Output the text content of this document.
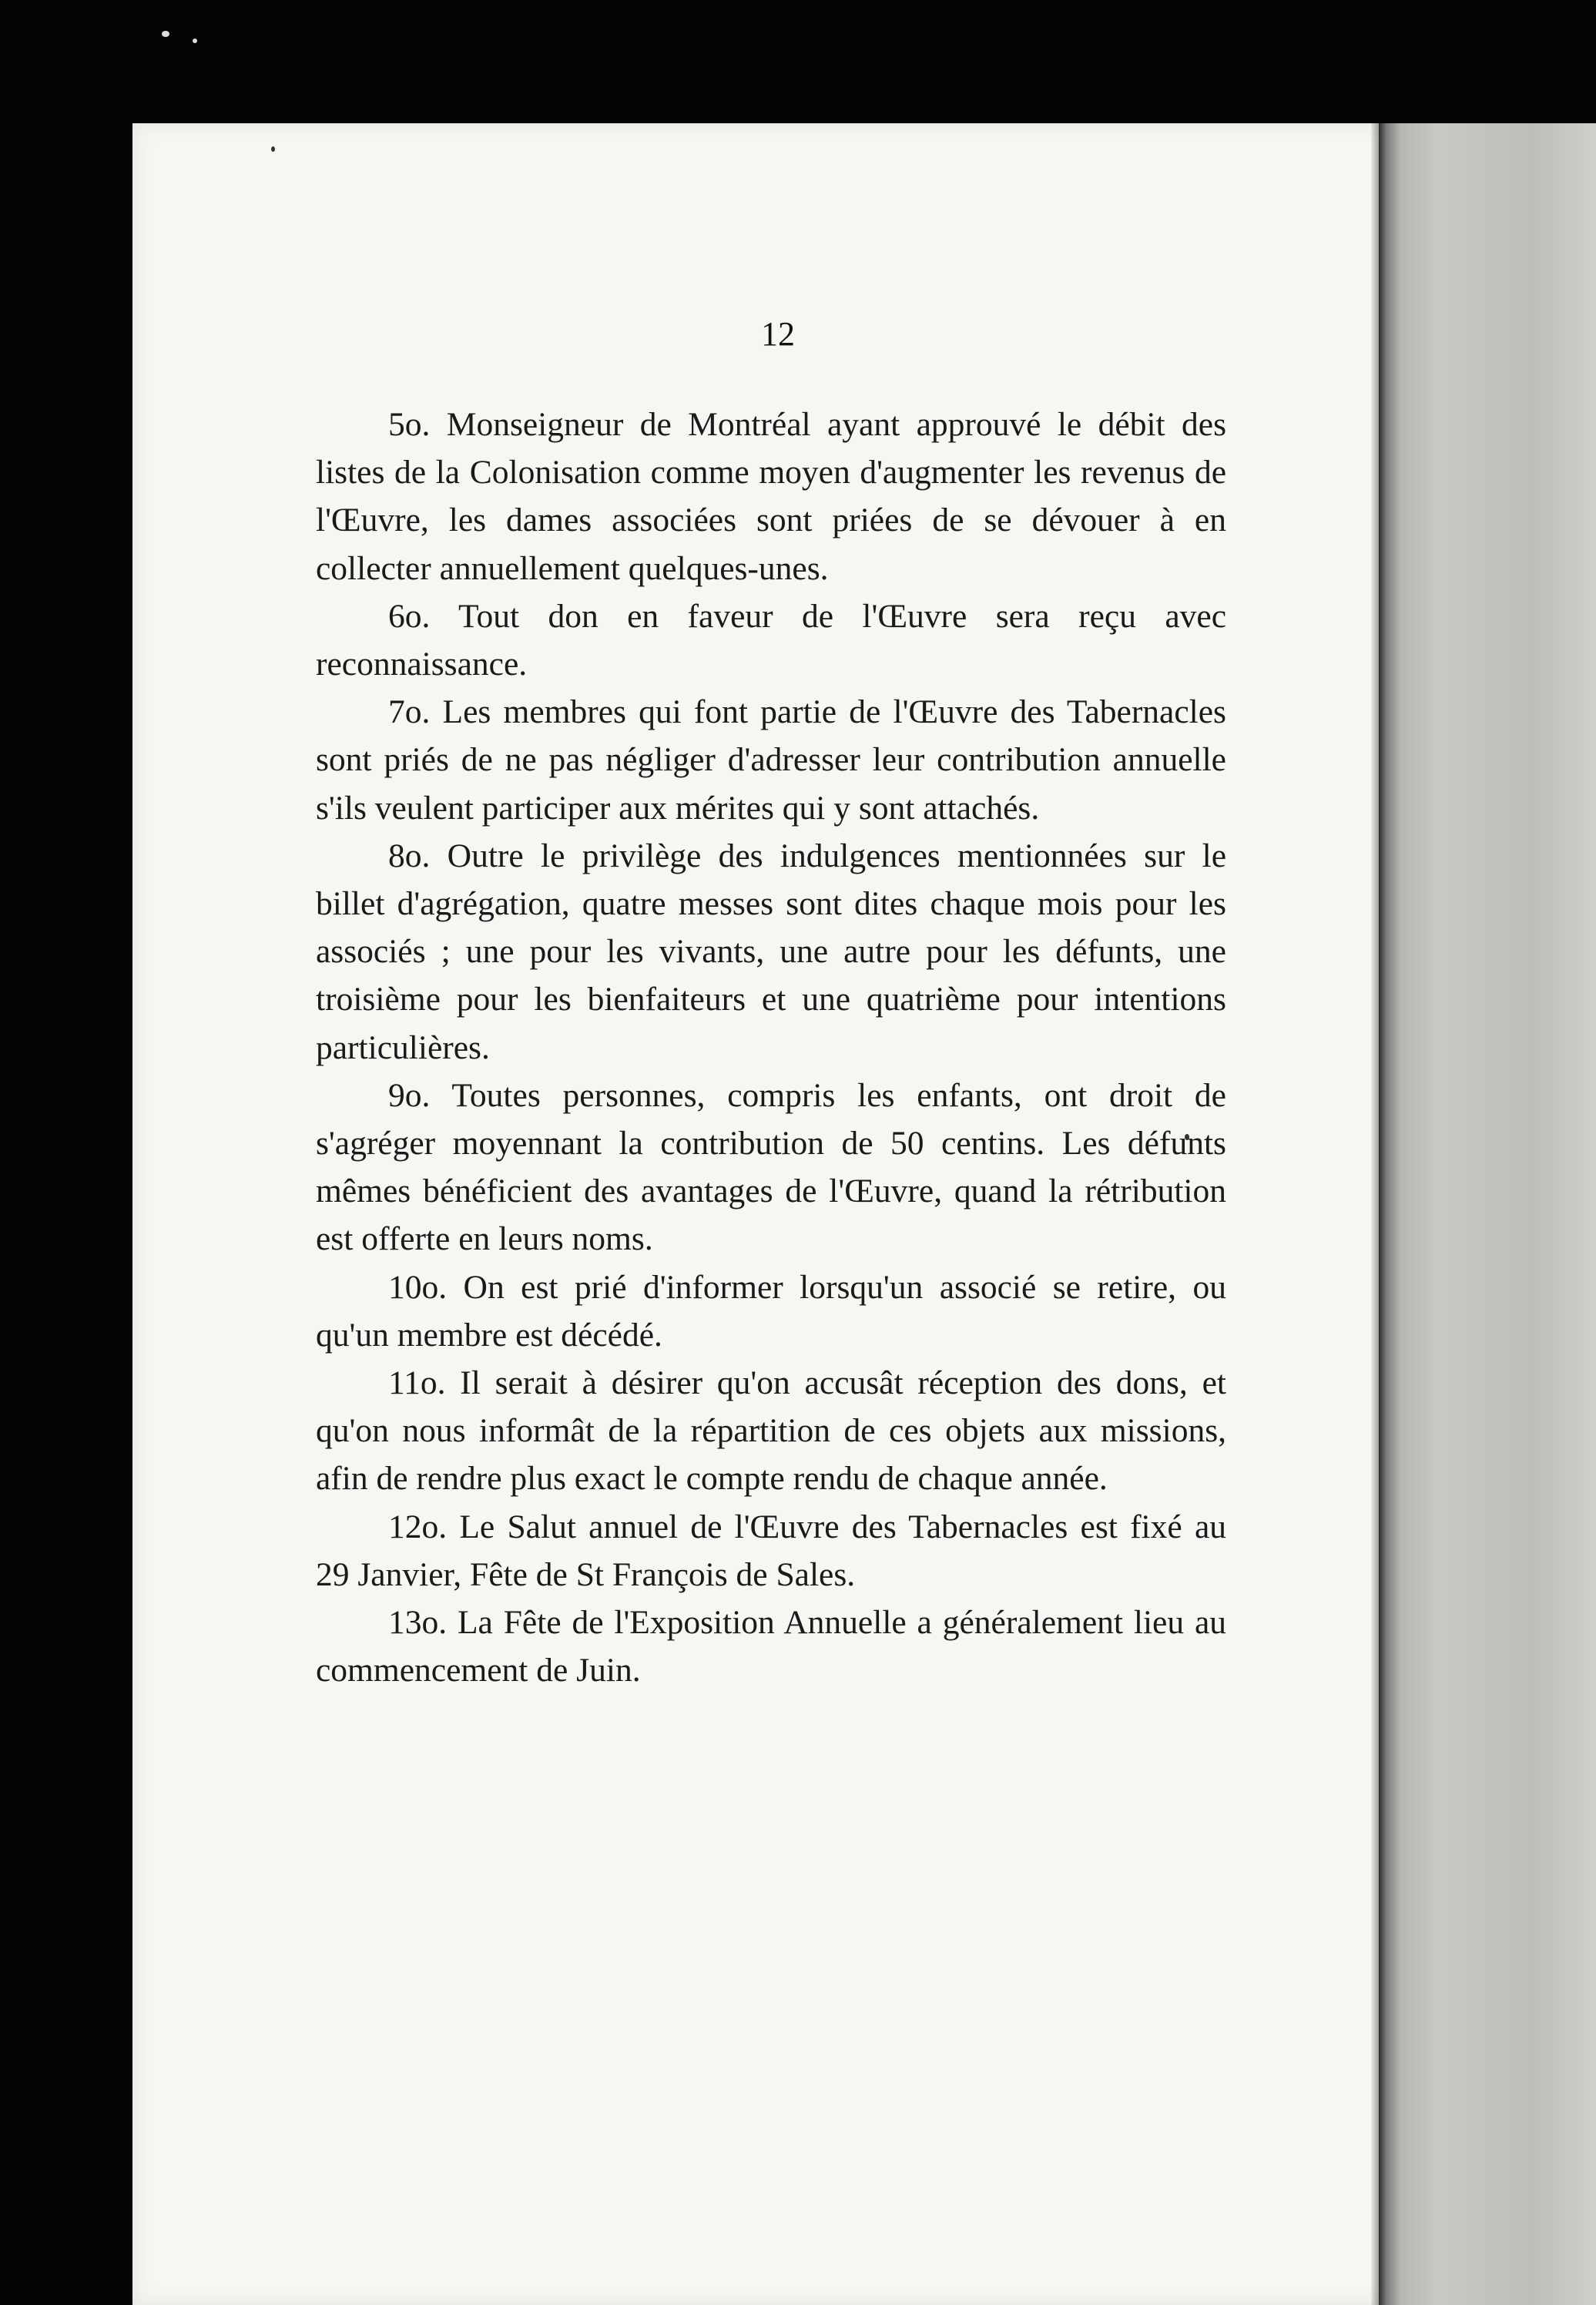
12

5o. Monseigneur de Montréal ayant approuvé le débit des listes de la Colonisation comme moyen d'augmenter les revenus de l'Œuvre, les dames associées sont priées de se dévouer à en collecter annuellement quelques-unes.

6o. Tout don en faveur de l'Œuvre sera reçu avec reconnaissance.

7o. Les membres qui font partie de l'Œuvre des Tabernacles sont priés de ne pas négliger d'adresser leur contribution annuelle s'ils veulent participer aux mérites qui y sont attachés.

8o. Outre le privilège des indulgences mentionnées sur le billet d'agrégation, quatre messes sont dites chaque mois pour les associés ; une pour les vivants, une autre pour les défunts, une troisième pour les bienfaiteurs et une quatrième pour intentions particulières.

9o. Toutes personnes, compris les enfants, ont droit de s'agréger moyennant la contribution de 50 centins. Les défunts mêmes bénéficient des avantages de l'Œuvre, quand la rétribution est offerte en leurs noms.

10o. On est prié d'informer lorsqu'un associé se retire, ou qu'un membre est décédé.

11o. Il serait à désirer qu'on accusât réception des dons, et qu'on nous informât de la répartition de ces objets aux missions, afin de rendre plus exact le compte rendu de chaque année.

12o. Le Salut annuel de l'Œuvre des Tabernacles est fixé au 29 Janvier, Fête de St François de Sales.

13o. La Fête de l'Exposition Annuelle a généralement lieu au commencement de Juin.
